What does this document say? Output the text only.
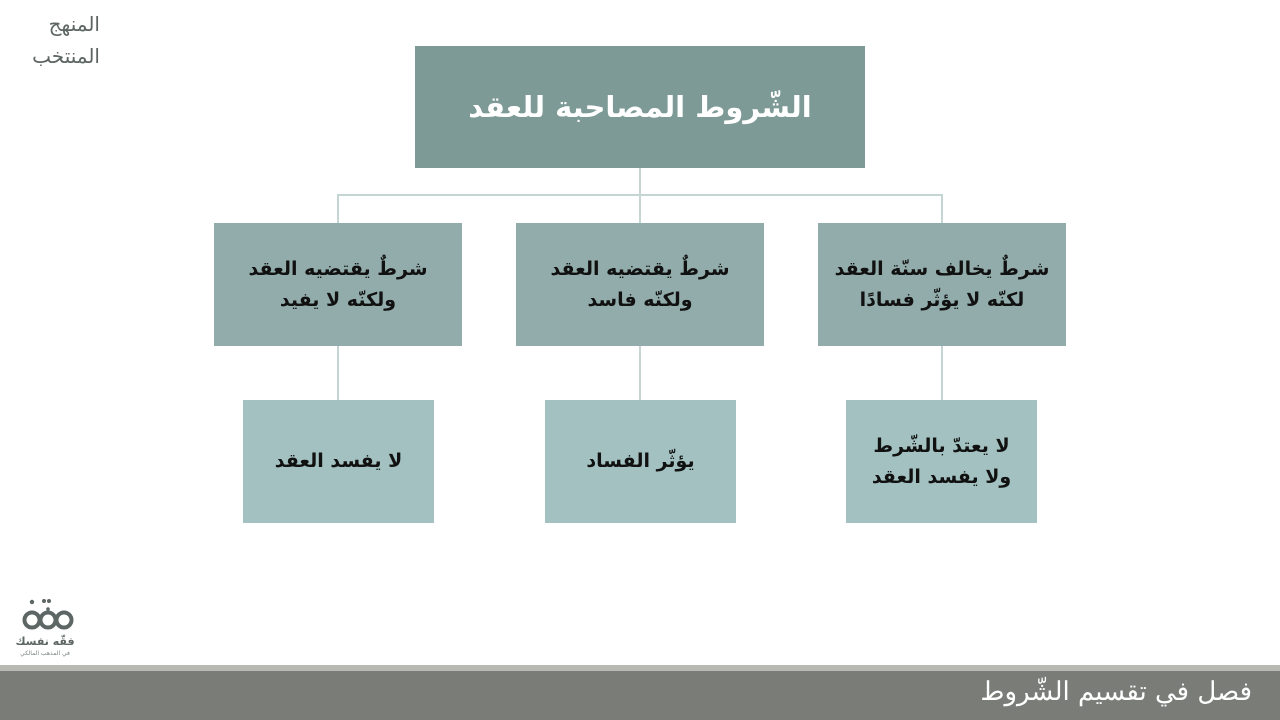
المنهج
المنتخب
الشّروط المصاحبة للعقد
شرطٌ يخالف سنّة العقد لكنّه لا يؤثّر فسادًا
شرطٌ يقتضيه العقد ولكنّه فاسد
شرطٌ يقتضيه العقد ولكنّه لا يفيد
لا يعتدّ بالشّرط ولا يفسد العقد
يؤثّر الفساد
لا يفسد العقد
فقّه نفسك
في المذهب المالكي
فصل في تقسيم الشّروط
